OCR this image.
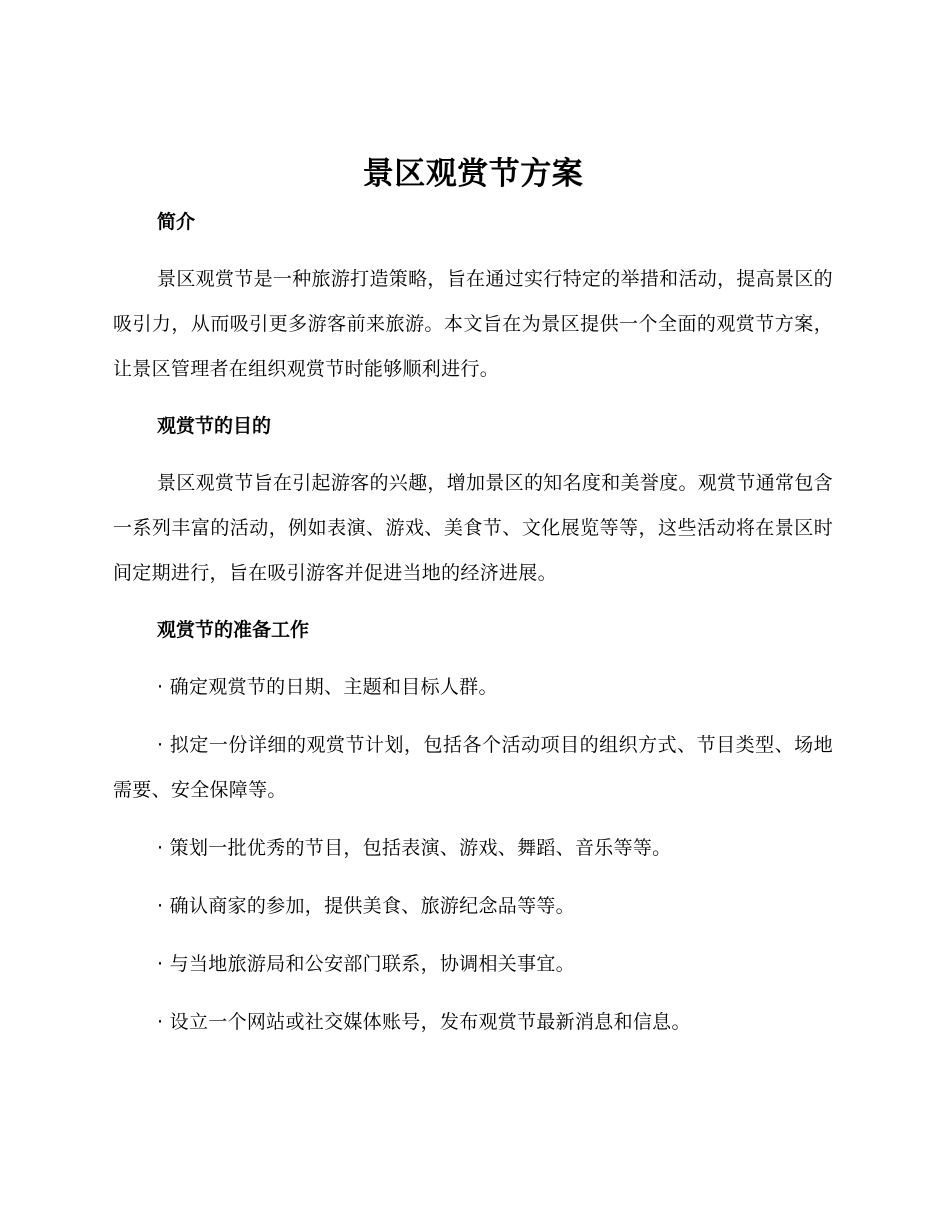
景区观赏节方案
简介

景区观赏节是一种旅游打造策略，旨在通过实行特定的举措和活动，提高景区的吸引力，从而吸引更多游客前来旅游。本文旨在为景区提供一个全面的观赏节方案，让景区管理者在组织观赏节时能够顺利进行。

观赏节的目的

景区观赏节旨在引起游客的兴趣，增加景区的知名度和美誉度。观赏节通常包含一系列丰富的活动，例如表演、游戏、美食节、文化展览等等，这些活动将在景区时间定期进行，旨在吸引游客并促进当地的经济进展。

观赏节的准备工作

· 确定观赏节的日期、主题和目标人群。

· 拟定一份详细的观赏节计划，包括各个活动项目的组织方式、节目类型、场地需要、安全保障等。

· 策划一批优秀的节目，包括表演、游戏、舞蹈、音乐等等。

· 确认商家的参加，提供美食、旅游纪念品等等。

· 与当地旅游局和公安部门联系，协调相关事宜。

· 设立一个网站或社交媒体账号，发布观赏节最新消息和信息。
